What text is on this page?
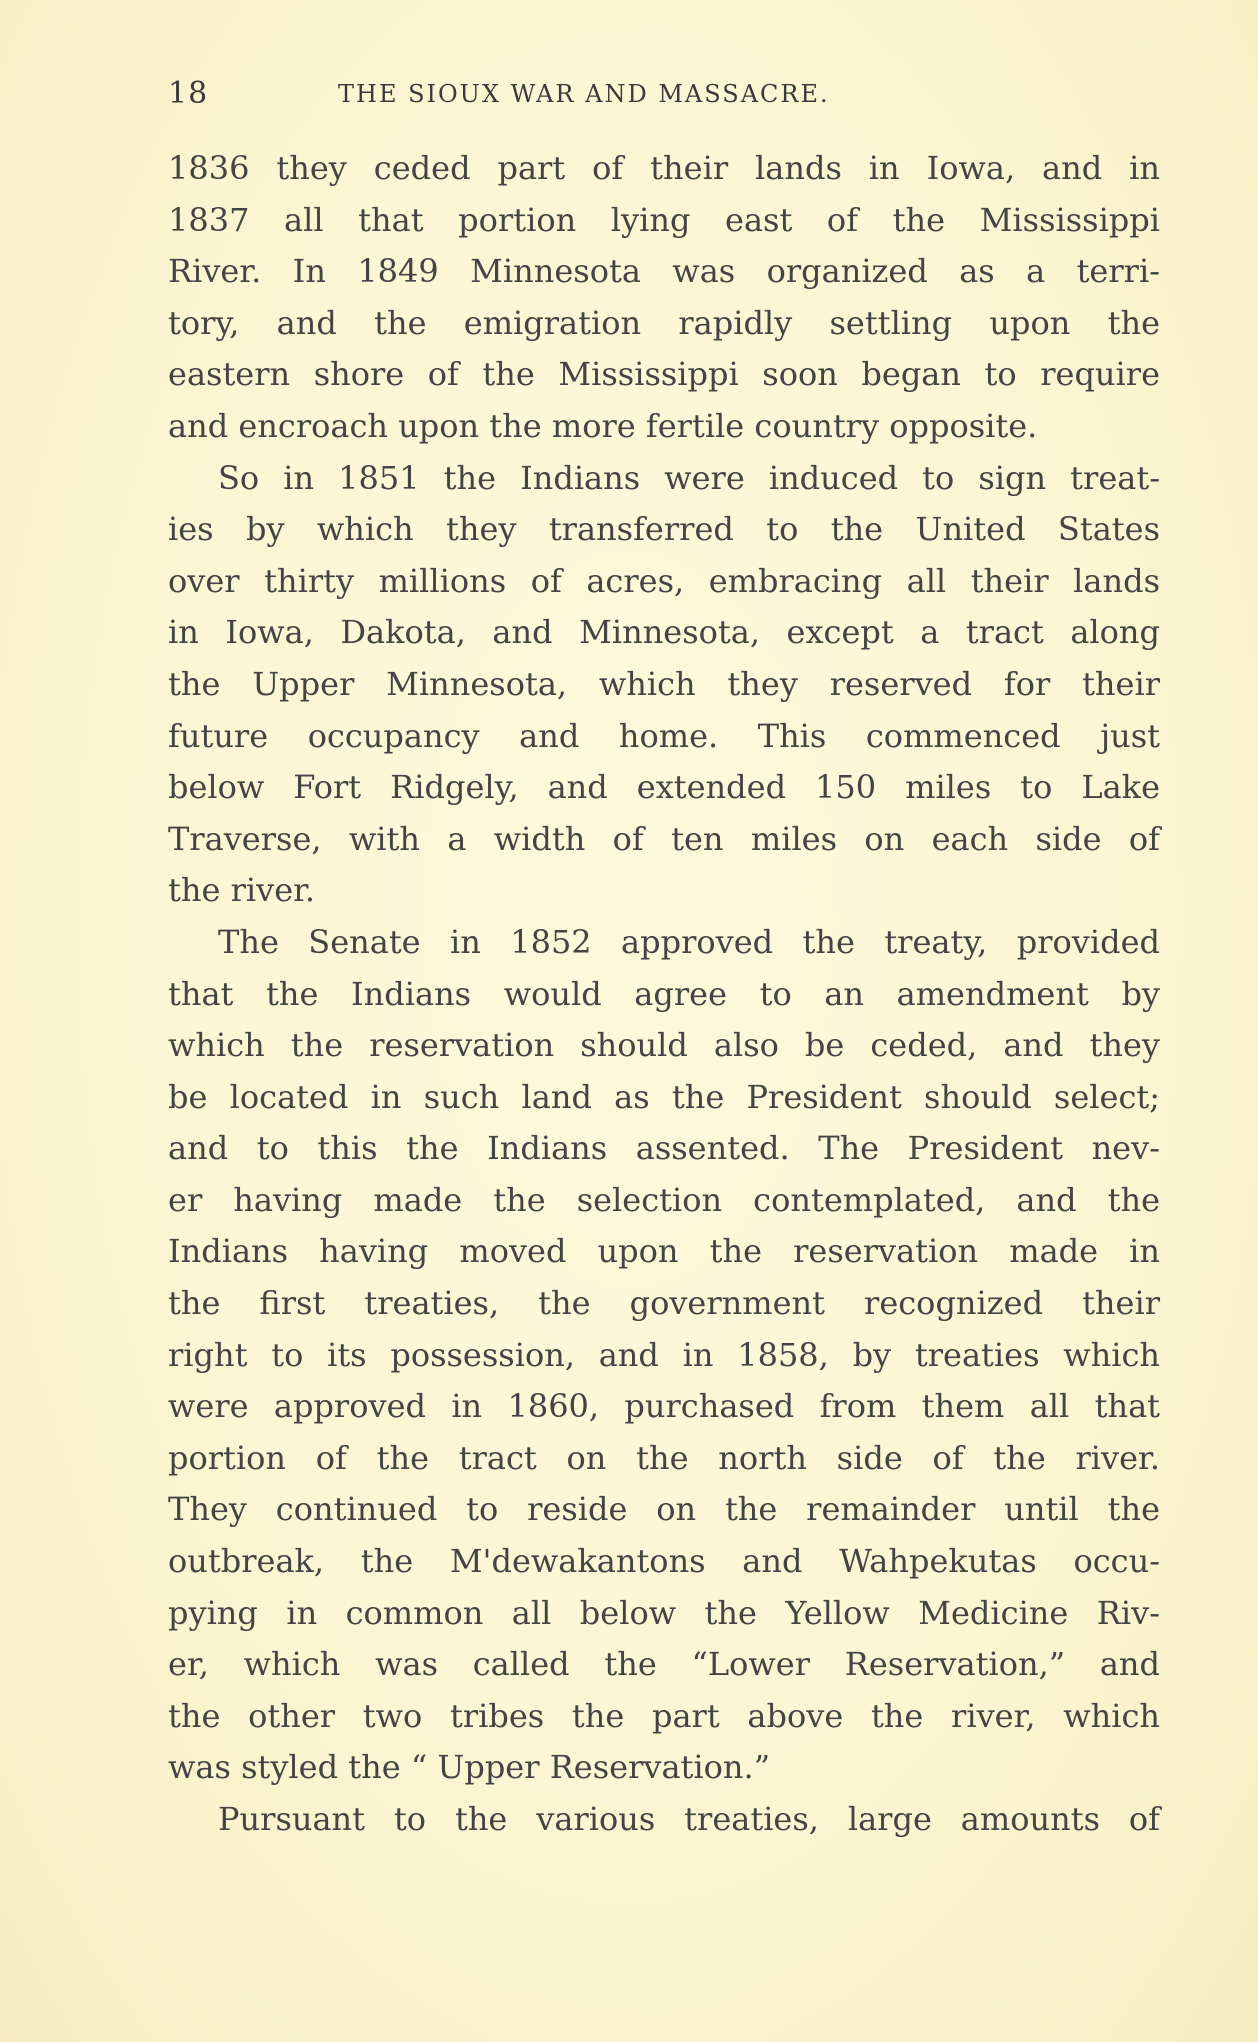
18	THE SIOUX WAR AND MASSACRE.
1836 they ceded part of their lands in Iowa, and in
1837 all that portion lying east of the Mississippi
River. In 1849 Minnesota was organized as a terri-
tory, and the emigration rapidly settling upon the
eastern shore of the Mississippi soon began to require
and encroach upon the more fertile country opposite.
So in 1851 the Indians were induced to sign treat-
ies by which they transferred to the United States
over thirty millions of acres, embracing all their lands
in Iowa, Dakota, and Minnesota, except a tract along
the Upper Minnesota, which they reserved for their
future occupancy and home. This commenced just
below Fort Ridgely, and extended 150 miles to Lake
Traverse, with a width of ten miles on each side of
the river.
The Senate in 1852 approved the treaty, provided
that the Indians would agree to an amendment by
which the reservation should also be ceded, and they
be located in such land as the President should select;
and to this the Indians assented. The President nev-
er having made the selection contemplated, and the
Indians having moved upon the reservation made in
the first treaties, the government recognized their
right to its possession, and in 1858, by treaties which
were approved in 1860, purchased from them all that
portion of the tract on the north side of the river.
They continued to reside on the remainder until the
outbreak, the M'dewakantons and Wahpekutas occu-
pying in common all below the Yellow Medicine Riv-
er, which was called the “Lower Reservation,” and
the other two tribes the part above the river, which
was styled the “ Upper Reservation.”
Pursuant to the various treaties, large amounts of
